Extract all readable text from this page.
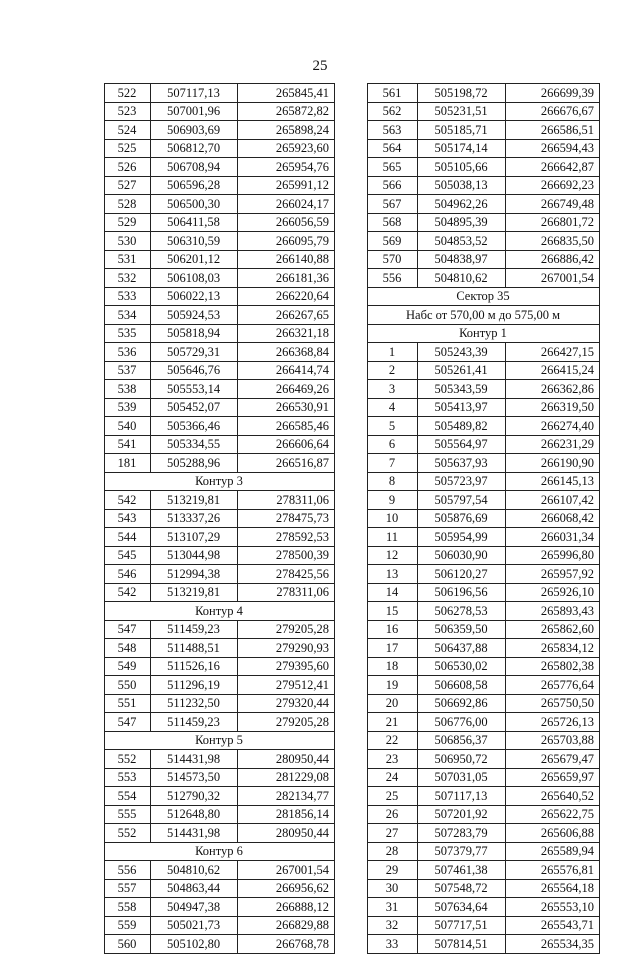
25
522	507117,13	265845,41
523	507001,96	265872,82
524	506903,69	265898,24
525	506812,70	265923,60
526	506708,94	265954,76
527	506596,28	265991,12
528	506500,30	266024,17
529	506411,58	266056,59
530	506310,59	266095,79
531	506201,12	266140,88
532	506108,03	266181,36
533	506022,13	266220,64
534	505924,53	266267,65
535	505818,94	266321,18
536	505729,31	266368,84
537	505646,76	266414,74
538	505553,14	266469,26
539	505452,07	266530,91
540	505366,46	266585,46
541	505334,55	266606,64
181	505288,96	266516,87
Контур 3		
542	513219,81	278311,06
543	513337,26	278475,73
544	513107,29	278592,53
545	513044,98	278500,39
546	512994,38	278425,56
542	513219,81	278311,06
Контур 4		
547	511459,23	279205,28
548	511488,51	279290,93
549	511526,16	279395,60
550	511296,19	279512,41
551	511232,50	279320,44
547	511459,23	279205,28
Контур 5		
552	514431,98	280950,44
553	514573,50	281229,08
554	512790,32	282134,77
555	512648,80	281856,14
552	514431,98	280950,44
Контур 6		
556	504810,62	267001,54
557	504863,44	266956,62
558	504947,38	266888,12
559	505021,73	266829,88
560	505102,80	266768,78
561	505198,72	266699,39
562	505231,51	266676,67
563	505185,71	266586,51
564	505174,14	266594,43
565	505105,66	266642,87
566	505038,13	266692,23
567	504962,26	266749,48
568	504895,39	266801,72
569	504853,52	266835,50
570	504838,97	266886,42
556	504810,62	267001,54
Сектор 35		
Набс от 570,00 м до 575,00 м		
Контур 1		
1	505243,39	266427,15
2	505261,41	266415,24
3	505343,59	266362,86
4	505413,97	266319,50
5	505489,82	266274,40
6	505564,97	266231,29
7	505637,93	266190,90
8	505723,97	266145,13
9	505797,54	266107,42
10	505876,69	266068,42
11	505954,99	266031,34
12	506030,90	265996,80
13	506120,27	265957,92
14	506196,56	265926,10
15	506278,53	265893,43
16	506359,50	265862,60
17	506437,88	265834,12
18	506530,02	265802,38
19	506608,58	265776,64
20	506692,86	265750,50
21	506776,00	265726,13
22	506856,37	265703,88
23	506950,72	265679,47
24	507031,05	265659,97
25	507117,13	265640,52
26	507201,92	265622,75
27	507283,79	265606,88
28	507379,77	265589,94
29	507461,38	265576,81
30	507548,72	265564,18
31	507634,64	265553,10
32	507717,51	265543,71
33	507814,51	265534,35
